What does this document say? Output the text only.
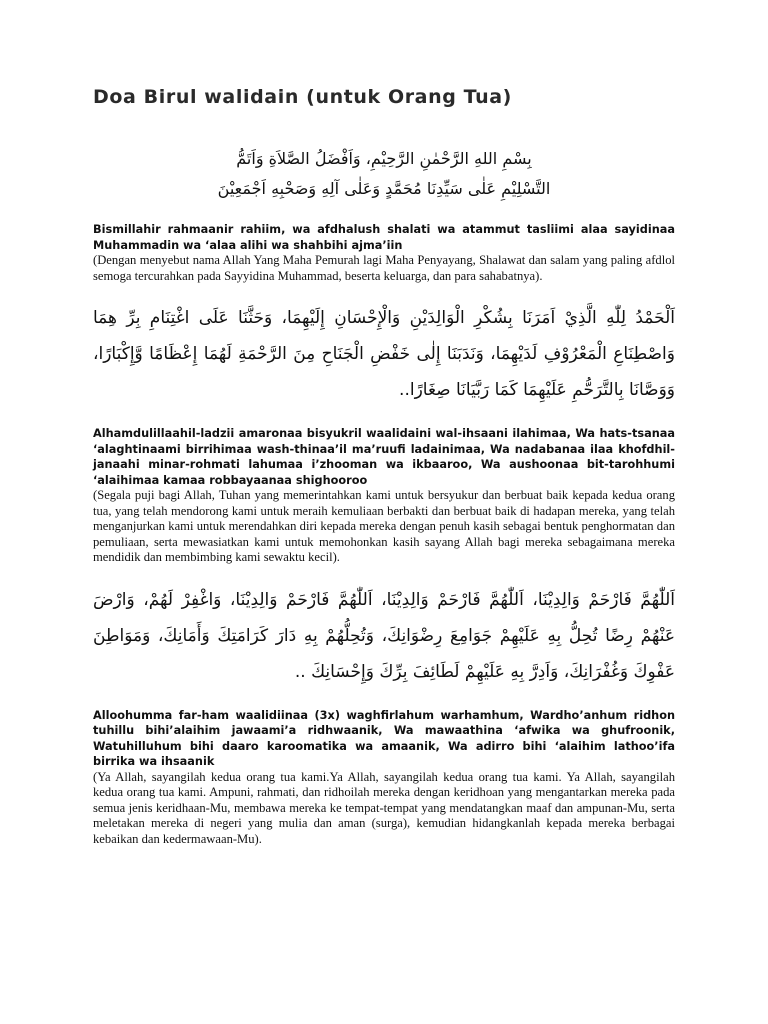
Doa Birul walidain (untuk Orang Tua)

بِسْمِ اللهِ الرَّحْمٰنِ الرَّحِيْمِ، وَاَفْضَلُ الصَّلاَةِ وَاَتَمُّ

التَّسْلِيْمِ عَلٰى سَيِّدِنَا مُحَمَّدٍ وَعَلٰى آلِهِ وَصَحْبِهِ اَجْمَعِيْنَ

Bismillahir rahmaanir rahiim, wa afdhalush shalati wa atammut tasliimi alaa sayidinaa Muhammadin wa ‘alaa alihi wa shahbihi ajma’iin

(Dengan menyebut nama Allah Yang Maha Pemurah lagi Maha Penyayang, Shalawat dan salam yang paling afdlol semoga tercurahkan pada Sayyidina Muhammad, beserta keluarga, dan para sahabatnya).

اَلْحَمْدُ لِلّٰهِ الَّذِيْ اَمَرَنَا بِشُكْرِ الْوَالِدَيْنِ وَالْإِحْسَانِ إِلَيْهِمَا، وَحَثَّنَا عَلَى اغْتِنَامِ بِرِّ هِمَا وَاصْطِنَاعِ الْمَعْرُوْفِ لَدَيْهِمَا، وَنَدَبَنَا إِلٰى خَفْضِ الْجَنَاحِ مِنَ الرَّحْمَةِ لَهُمَا إِعْظَامًا وَّإِكْبَارًا، وَوَصَّانَا بِالتَّرَحُّمِ عَلَيْهِمَا كَمَا رَبَّيَانَا صِغَارًا..

Alhamdulillaahil-ladzii amaronaa bisyukril waalidaini wal-ihsaani ilahimaa, Wa hats-tsanaa ‘alaghtinaami birrihimaa wash-thinaa’il ma’ruufi ladainimaa, Wa nadabanaa ilaa khofdhil-janaahi minar-rohmati lahumaa i’zhooman wa ikbaaroo, Wa aushoonaa bit-tarohhumi ‘alaihimaa kamaa robbayaanaa shighooroo

(Segala puji bagi Allah, Tuhan yang memerintahkan kami untuk bersyukur dan berbuat baik kepada kedua orang tua, yang telah mendorong kami untuk meraih kemuliaan berbakti dan berbuat baik di hadapan mereka, yang telah menganjurkan kami untuk merendahkan diri kepada mereka dengan penuh kasih sebagai bentuk penghormatan dan pemuliaan, serta mewasiatkan kami untuk memohonkan kasih sayang Allah bagi mereka sebagaimana mereka mendidik dan membimbing kami sewaktu kecil).

اَللّٰهُمَّ فَارْحَمْ وَالِدِيْنَا، اَللّٰهُمَّ فَارْحَمْ وَالِدِيْنَا، اَللّٰهُمَّ فَارْحَمْ وَالِدِيْنَا، وَاغْفِرْ لَهُمْ، وَارْضَ عَنْهُمْ رِضًا تُحِلُّ بِهِ عَلَيْهِمْ جَوَامِعَ رِضْوَانِكَ، وَتُحِلُّهُمْ بِهِ دَارَ كَرَامَتِكَ وَأَمَانِكَ، وَمَوَاطِنَ عَفْوِكَ وَغُفْرَانِكَ، وَاَدِرَّ بِهِ عَلَيْهِمْ لَطَائِفَ بِرِّكَ وَإِحْسَانِكَ ..

Alloohumma far-ham waalidiinaa (3x) waghfirlahum warhamhum, Wardho’anhum ridhon tuhillu bihi’alaihim jawaami’a ridhwaanik, Wa mawaathina ‘afwika wa ghufroonik, Watuhilluhum bihi daaro karoomatika wa amaanik, Wa adirro bihi ‘alaihim lathoo’ifa birrika wa ihsaanik

(Ya Allah, sayangilah kedua orang tua kami.Ya Allah, sayangilah kedua orang tua kami. Ya Allah, sayangilah kedua orang tua kami. Ampuni, rahmati, dan ridhoilah mereka dengan keridhoan yang mengantarkan mereka pada semua jenis keridhaan-Mu, membawa mereka ke tempat-tempat yang mendatangkan maaf dan ampunan-Mu, serta meletakan mereka di negeri yang mulia dan aman (surga), kemudian hidangkanlah kepada mereka berbagai kebaikan dan kedermawaan-Mu).
